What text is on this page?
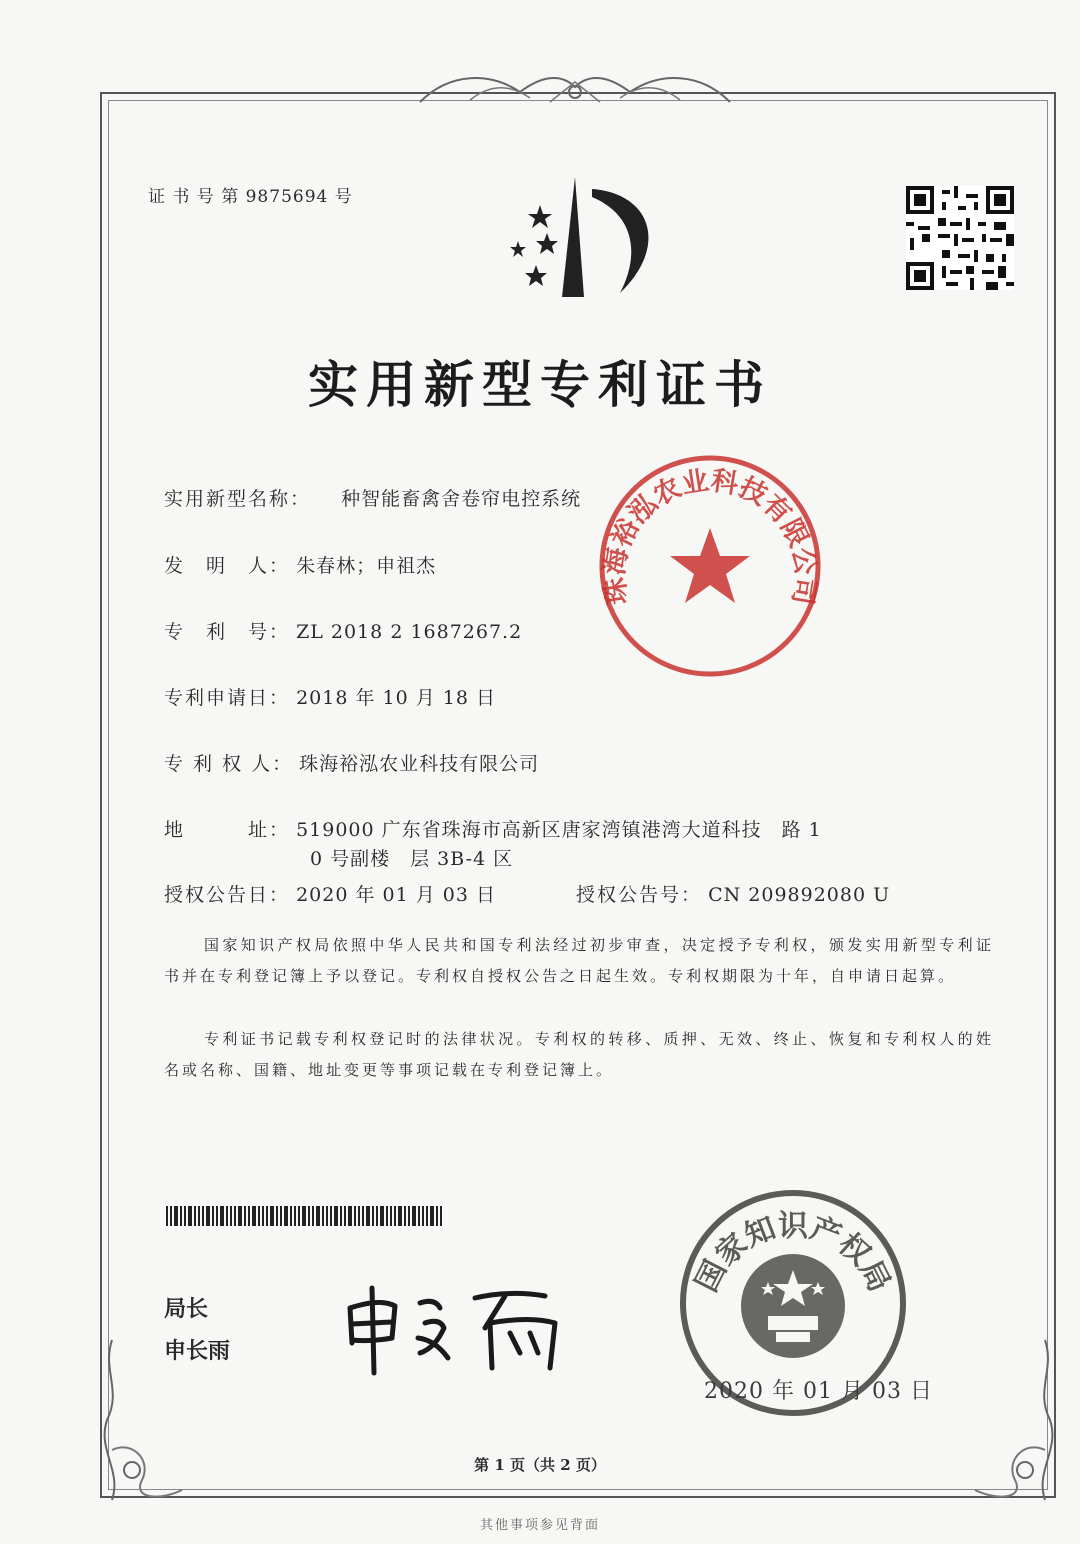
证 书 号 第 9875694 号
实用新型专利证书
实用新型名称： 种智能畜禽舍卷帘电控系统
发　明　人： 朱春林；申祖杰
专　利　号： ZL 2018 2 1687267.2
专利申请日： 2018 年 10 月 18 日
专 利 权 人： 珠海裕泓农业科技有限公司
地　　　址： 519000 广东省珠海市高新区唐家湾镇港湾大道科技　路 1
0 号副楼　层 3B-4 区
授权公告日： 2020 年 01 月 03 日	授权公告号： CN 209892080 U
珠海裕泓农业科技有限公司
国家知识产权局依照中华人民共和国专利法经过初步审查，决定授予专利权，颁发实用新型专利证书并在专利登记簿上予以登记。专利权自授权公告之日起生效。专利权期限为十年，自申请日起算。
专利证书记载专利权登记时的法律状况。专利权的转移、质押、无效、终止、恢复和专利权人的姓名或名称、国籍、地址变更等事项记载在专利登记簿上。
局长
申长雨
国家知识产权局
2020 年 01 月 03 日
第 1 页（共 2 页）
其他事项参见背面
